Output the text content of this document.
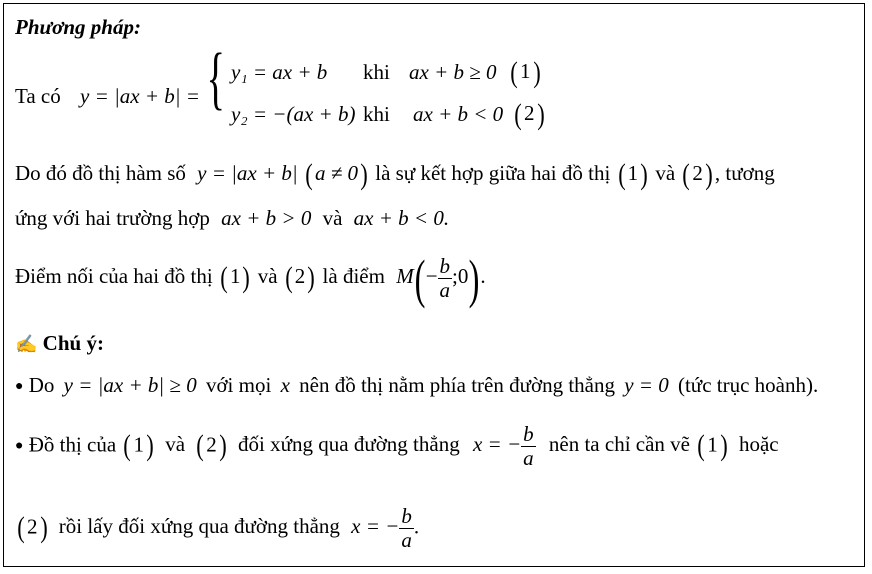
Phương pháp:
Ta có y = |ax + b| = { y₁ = ax + b khi ax + b ≥ 0 ( 1)
y₂ = −(ax + b) khi ax + b < 0 ( 2)
Do đó đồ thị hàm số y = |ax + b| ( a ≠ 0) là sự kết hợp giữa hai đồ thị ( 1) và ( 2) , tương
ứng với hai trường hợp ax + b > 0 và ax + b < 0.
Điểm nối của hai đồ thị ( 1) và ( 2) là điểm $M(- \frac{b}{a}$ ;0).
✍ Chú ý:
● Do y = |ax + b| ≥ 0 với mọi x nên đồ thị nằm phía trên đường thẳng y = 0 (tức trục hoành).
● Đồ thị của ( 1) và ( 2) đối xứng qua đường thẳng x = − $\frac{b}{a}$ nên ta chỉ cần vẽ ( 1) hoặc
( 2) rồi lấy đối xứng qua đường thẳng x = − $\frac{b}{a}$ .
